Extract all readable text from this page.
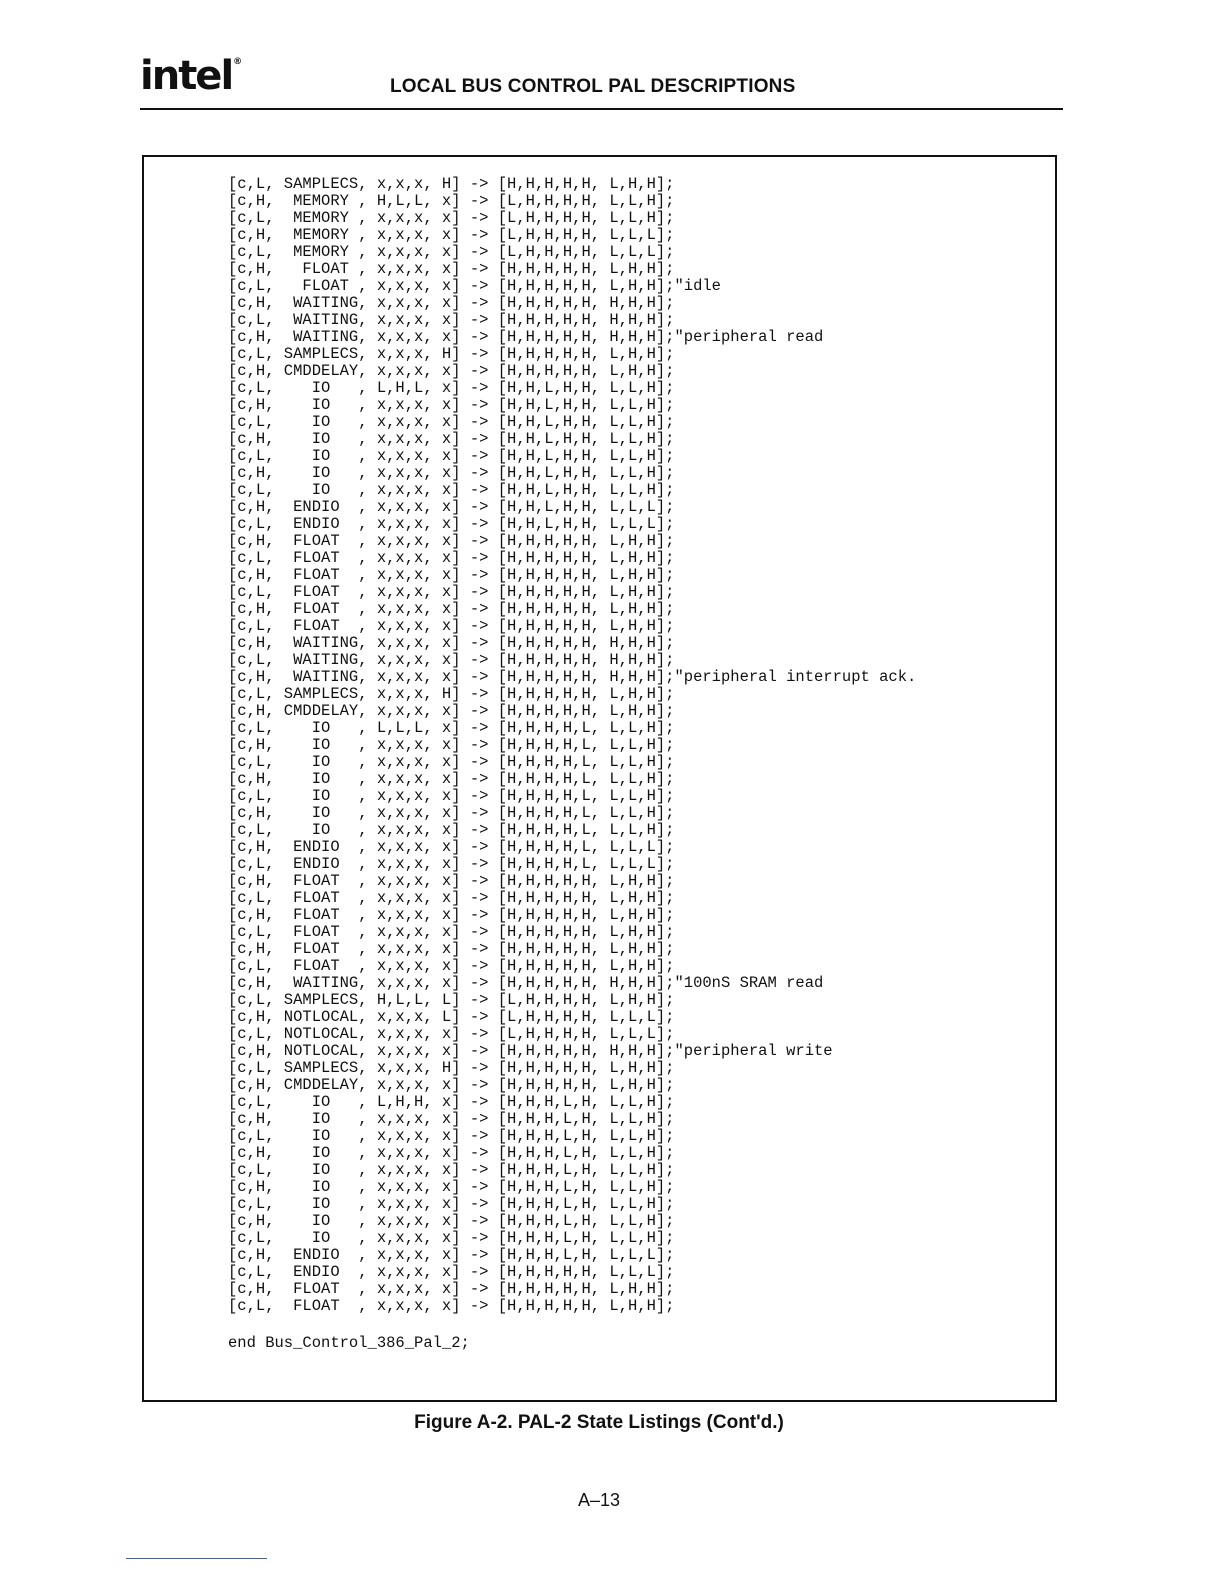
intel®
LOCAL BUS CONTROL PAL DESCRIPTIONS
[c,L, SAMPLECS, x,x,x, H] -> [H,H,H,H,H, L,H,H];
[c,H,  MEMORY , H,L,L, x] -> [L,H,H,H,H, L,L,H];
[c,L,  MEMORY , x,x,x, x] -> [L,H,H,H,H, L,L,H];
[c,H,  MEMORY , x,x,x, x] -> [L,H,H,H,H, L,L,L];
[c,L,  MEMORY , x,x,x, x] -> [L,H,H,H,H, L,L,L];
[c,H,   FLOAT , x,x,x, x] -> [H,H,H,H,H, L,H,H];
[c,L,   FLOAT , x,x,x, x] -> [H,H,H,H,H, L,H,H];"idle
[c,H,  WAITING, x,x,x, x] -> [H,H,H,H,H, H,H,H];
[c,L,  WAITING, x,x,x, x] -> [H,H,H,H,H, H,H,H];
[c,H,  WAITING, x,x,x, x] -> [H,H,H,H,H, H,H,H];"peripheral read
[c,L, SAMPLECS, x,x,x, H] -> [H,H,H,H,H, L,H,H];
[c,H, CMDDELAY, x,x,x, x] -> [H,H,H,H,H, L,H,H];
[c,L,    IO   , L,H,L, x] -> [H,H,L,H,H, L,L,H];
[c,H,    IO   , x,x,x, x] -> [H,H,L,H,H, L,L,H];
[c,L,    IO   , x,x,x, x] -> [H,H,L,H,H, L,L,H];
[c,H,    IO   , x,x,x, x] -> [H,H,L,H,H, L,L,H];
[c,L,    IO   , x,x,x, x] -> [H,H,L,H,H, L,L,H];
[c,H,    IO   , x,x,x, x] -> [H,H,L,H,H, L,L,H];
[c,L,    IO   , x,x,x, x] -> [H,H,L,H,H, L,L,H];
[c,H,  ENDIO  , x,x,x, x] -> [H,H,L,H,H, L,L,L];
[c,L,  ENDIO  , x,x,x, x] -> [H,H,L,H,H, L,L,L];
[c,H,  FLOAT  , x,x,x, x] -> [H,H,H,H,H, L,H,H];
[c,L,  FLOAT  , x,x,x, x] -> [H,H,H,H,H, L,H,H];
[c,H,  FLOAT  , x,x,x, x] -> [H,H,H,H,H, L,H,H];
[c,L,  FLOAT  , x,x,x, x] -> [H,H,H,H,H, L,H,H];
[c,H,  FLOAT  , x,x,x, x] -> [H,H,H,H,H, L,H,H];
[c,L,  FLOAT  , x,x,x, x] -> [H,H,H,H,H, L,H,H];
[c,H,  WAITING, x,x,x, x] -> [H,H,H,H,H, H,H,H];
[c,L,  WAITING, x,x,x, x] -> [H,H,H,H,H, H,H,H];
[c,H,  WAITING, x,x,x, x] -> [H,H,H,H,H, H,H,H];"peripheral interrupt ack.
[c,L, SAMPLECS, x,x,x, H] -> [H,H,H,H,H, L,H,H];
[c,H, CMDDELAY, x,x,x, x] -> [H,H,H,H,H, L,H,H];
[c,L,    IO   , L,L,L, x] -> [H,H,H,H,L, L,L,H];
[c,H,    IO   , x,x,x, x] -> [H,H,H,H,L, L,L,H];
[c,L,    IO   , x,x,x, x] -> [H,H,H,H,L, L,L,H];
[c,H,    IO   , x,x,x, x] -> [H,H,H,H,L, L,L,H];
[c,L,    IO   , x,x,x, x] -> [H,H,H,H,L, L,L,H];
[c,H,    IO   , x,x,x, x] -> [H,H,H,H,L, L,L,H];
[c,L,    IO   , x,x,x, x] -> [H,H,H,H,L, L,L,H];
[c,H,  ENDIO  , x,x,x, x] -> [H,H,H,H,L, L,L,L];
[c,L,  ENDIO  , x,x,x, x] -> [H,H,H,H,L, L,L,L];
[c,H,  FLOAT  , x,x,x, x] -> [H,H,H,H,H, L,H,H];
[c,L,  FLOAT  , x,x,x, x] -> [H,H,H,H,H, L,H,H];
[c,H,  FLOAT  , x,x,x, x] -> [H,H,H,H,H, L,H,H];
[c,L,  FLOAT  , x,x,x, x] -> [H,H,H,H,H, L,H,H];
[c,H,  FLOAT  , x,x,x, x] -> [H,H,H,H,H, L,H,H];
[c,L,  FLOAT  , x,x,x, x] -> [H,H,H,H,H, L,H,H];
[c,H,  WAITING, x,x,x, x] -> [H,H,H,H,H, H,H,H];"100nS SRAM read
[c,L, SAMPLECS, H,L,L, L] -> [L,H,H,H,H, L,H,H];
[c,H, NOTLOCAL, x,x,x, L] -> [L,H,H,H,H, L,L,L];
[c,L, NOTLOCAL, x,x,x, x] -> [L,H,H,H,H, L,L,L];
[c,H, NOTLOCAL, x,x,x, x] -> [H,H,H,H,H, H,H,H];"peripheral write
[c,L, SAMPLECS, x,x,x, H] -> [H,H,H,H,H, L,H,H];
[c,H, CMDDELAY, x,x,x, x] -> [H,H,H,H,H, L,H,H];
[c,L,    IO   , L,H,H, x] -> [H,H,H,L,H, L,L,H];
[c,H,    IO   , x,x,x, x] -> [H,H,H,L,H, L,L,H];
[c,L,    IO   , x,x,x, x] -> [H,H,H,L,H, L,L,H];
[c,H,    IO   , x,x,x, x] -> [H,H,H,L,H, L,L,H];
[c,L,    IO   , x,x,x, x] -> [H,H,H,L,H, L,L,H];
[c,H,    IO   , x,x,x, x] -> [H,H,H,L,H, L,L,H];
[c,L,    IO   , x,x,x, x] -> [H,H,H,L,H, L,L,H];
[c,H,    IO   , x,x,x, x] -> [H,H,H,L,H, L,L,H];
[c,L,    IO   , x,x,x, x] -> [H,H,H,L,H, L,L,H];
[c,H,  ENDIO  , x,x,x, x] -> [H,H,H,L,H, L,L,L];
[c,L,  ENDIO  , x,x,x, x] -> [H,H,H,H,H, L,L,L];
[c,H,  FLOAT  , x,x,x, x] -> [H,H,H,H,H, L,H,H];
[c,L,  FLOAT  , x,x,x, x] -> [H,H,H,H,H, L,H,H];
end Bus_Control_386_Pal_2;
Figure A-2. PAL-2 State Listings (Cont'd.)
A–13
